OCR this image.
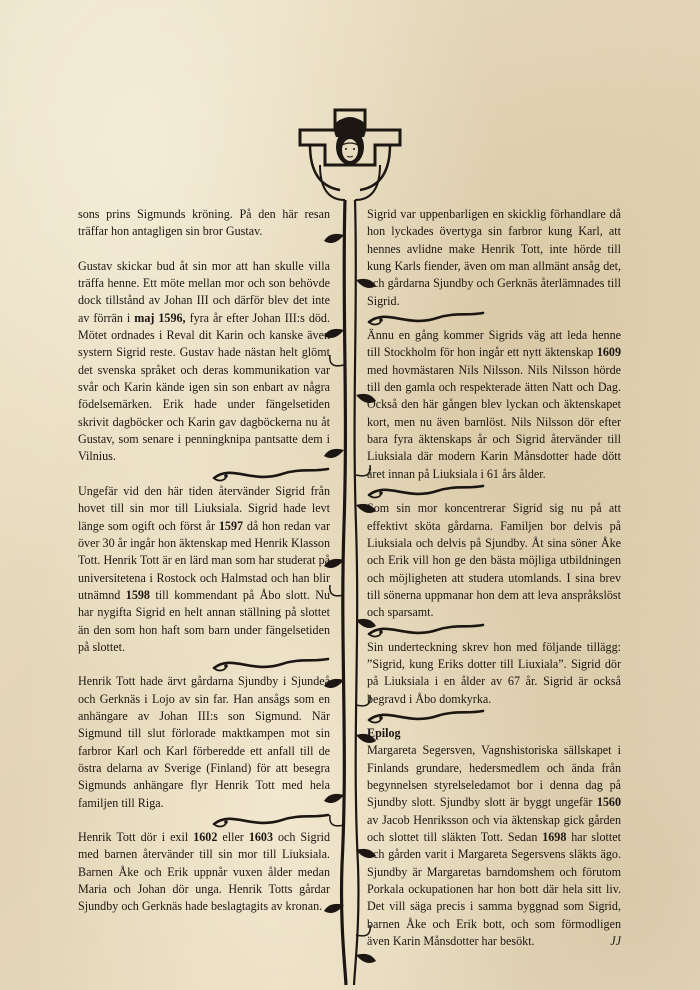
sons prins Sigmunds kröning. På den här resan träffar hon antagligen sin bror Gustav.

Gustav skickar bud åt sin mor att han skulle villa träffa henne. Ett möte mellan mor och son behövde dock tillstånd av Johan III och därför blev det inte av förrän i maj 1596, fyra år efter Johan III:s död. Mötet ordnades i Reval dit Karin och kanske även systern Sigrid reste. Gustav hade nästan helt glömt det svenska språket och deras kommunikation var svår och Karin kände igen sin son enbart av några födelsemärken. Erik hade under fängelsetiden skrivit dagböcker och Karin gav dagböckerna nu åt Gustav, som senare i penningknipa pantsatte dem i Vilnius.

Ungefär vid den här tiden återvänder Sigrid från hovet till sin mor till Liuksiala. Sigrid hade levt länge som ogift och först år 1597 då hon redan var över 30 år ingår hon äktenskap med Henrik Klasson Tott. Henrik Tott är en lärd man som har studerat på universitetena i Rostock och Halmstad och han blir utnämnd 1598 till kommendant på Åbo slott. Nu har nygifta Sigrid en helt annan ställning på slottet än den som hon haft som barn under fängelsetiden på slottet.

Henrik Tott hade ärvt gårdarna Sjundby i Sjundeå och Gerknäs i Lojo av sin far. Han ansågs som en anhängare av Johan III:s son Sigmund. När Sigmund till slut förlorade maktkampen mot sin farbror Karl och Karl förberedde ett anfall till de östra delarna av Sverige (Finland) för att besegra Sigmunds anhängare flyr Henrik Tott med hela familjen till Riga.

Henrik Tott dör i exil 1602 eller 1603 och Sigrid med barnen återvänder till sin mor till Liuksiala. Barnen Åke och Erik uppnår vuxen ålder medan Maria och Johan dör unga. Henrik Totts gårdar Sjundby och Gerknäs hade beslagtagits av kronan.

Sigrid var uppenbarligen en skicklig förhandlare då hon lyckades övertyga sin farbror kung Karl, att hennes avlidne make Henrik Tott, inte hörde till kung Karls fiender, även om man allmänt ansåg det, och gårdarna Sjundby och Gerknäs återlämnades till Sigrid.

Ännu en gång kommer Sigrids väg att leda henne till Stockholm för hon ingår ett nytt äktenskap 1609 med hovmästaren Nils Nilsson. Nils Nilsson hörde till den gamla och respekterade ätten Natt och Dag. Också den här gången blev lyckan och äktenskapet kort, men nu även barnlöst. Nils Nilsson dör efter bara fyra äktenskaps år och Sigrid återvänder till Liuksiala där modern Karin Månsdotter hade dött året innan på Liuksiala i 61 års ålder.

Som sin mor koncentrerar Sigrid sig nu på att effektivt sköta gårdarna. Familjen bor delvis på Liuksiala och delvis på Sjundby. Åt sina söner Åke och Erik vill hon ge den bästa möjliga utbildningen och möjligheten att studera utomlands. I sina brev till sönerna uppmanar hon dem att leva anspråkslöst och sparsamt.

Sin underteckning skrev hon med följande tillägg: ”Sigrid, kung Eriks dotter till Liuxiala”. Sigrid dör på Liuksiala i en ålder av 67 år. Sigrid är också begravd i Åbo domkyrka.

Epilog

Margareta Segersven, Vagnshistoriska sällskapet i Finlands grundare, hedersmedlem och ända från begynnelsen styrelseledamot bor i denna dag på Sjundby slott. Sjundby slott är byggt ungefär 1560 av Jacob Henriksson och via äktenskap gick gården och slottet till släkten Tott. Sedan 1698 har slottet och gården varit i Margareta Segersvens släkts ägo. Sjundby är Margaretas barndomshem och förutom Porkala ockupationen har hon bott där hela sitt liv. Det vill säga precis i samma byggnad som Sigrid, barnen Åke och Erik bott, och som förmodligen även Karin Månsdotter har besökt.	JJ
